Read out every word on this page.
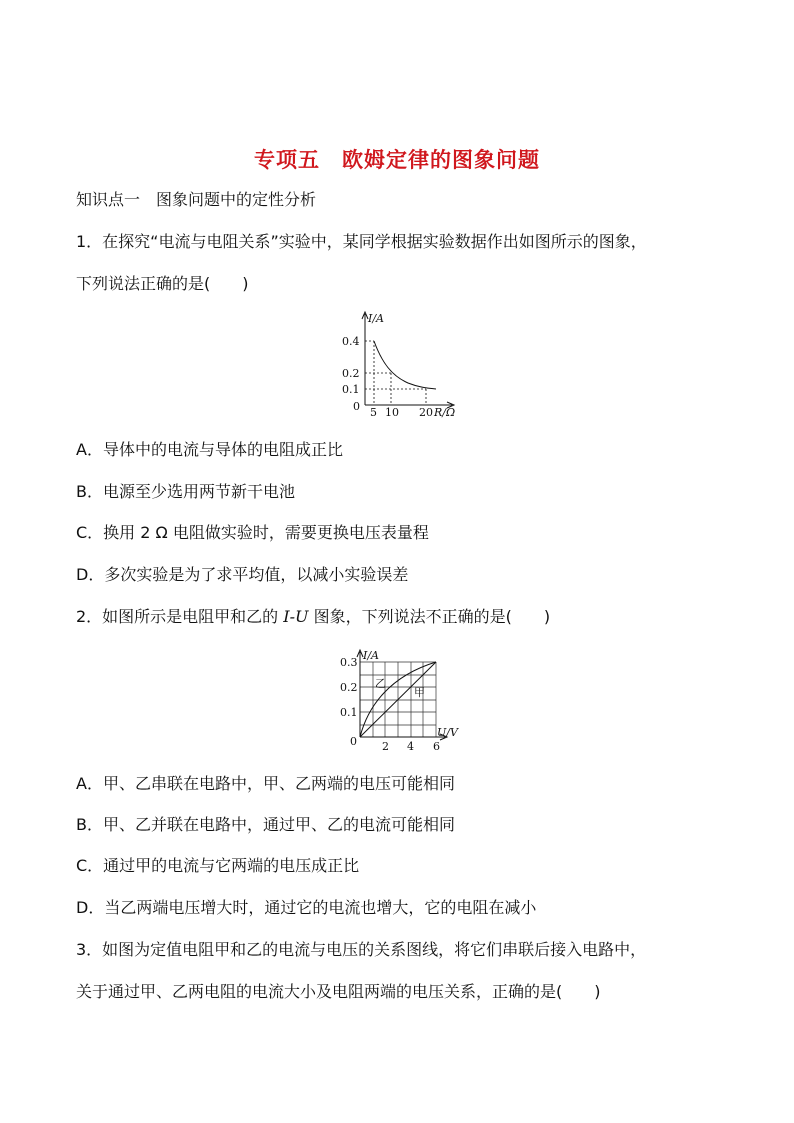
专项五　欧姆定律的图象问题
知识点一　图象问题中的定性分析
1．在探究“电流与电阻关系”实验中，某同学根据实验数据作出如图所示的图象，
下列说法正确的是(　　)
I/A
0.4
0.2
0.1
0 5 10 20 R/Ω
A．导体中的电流与导体的电阻成正比
B．电源至少选用两节新干电池
C．换用 2 Ω 电阻做实验时，需要更换电压表量程
D．多次实验是为了求平均值，以减小实验误差
2．如图所示是电阻甲和乙的 I-U 图象，下列说法不正确的是(　　)
I/A
0.3
0.2
0.1
0 2 4 6
U/V
乙
甲
A．甲、乙串联在电路中，甲、乙两端的电压可能相同
B．甲、乙并联在电路中，通过甲、乙的电流可能相同
C．通过甲的电流与它两端的电压成正比
D．当乙两端电压增大时，通过它的电流也增大，它的电阻在减小
3．如图为定值电阻甲和乙的电流与电压的关系图线，将它们串联后接入电路中，
关于通过甲、乙两电阻的电流大小及电阻两端的电压关系，正确的是(　　)
